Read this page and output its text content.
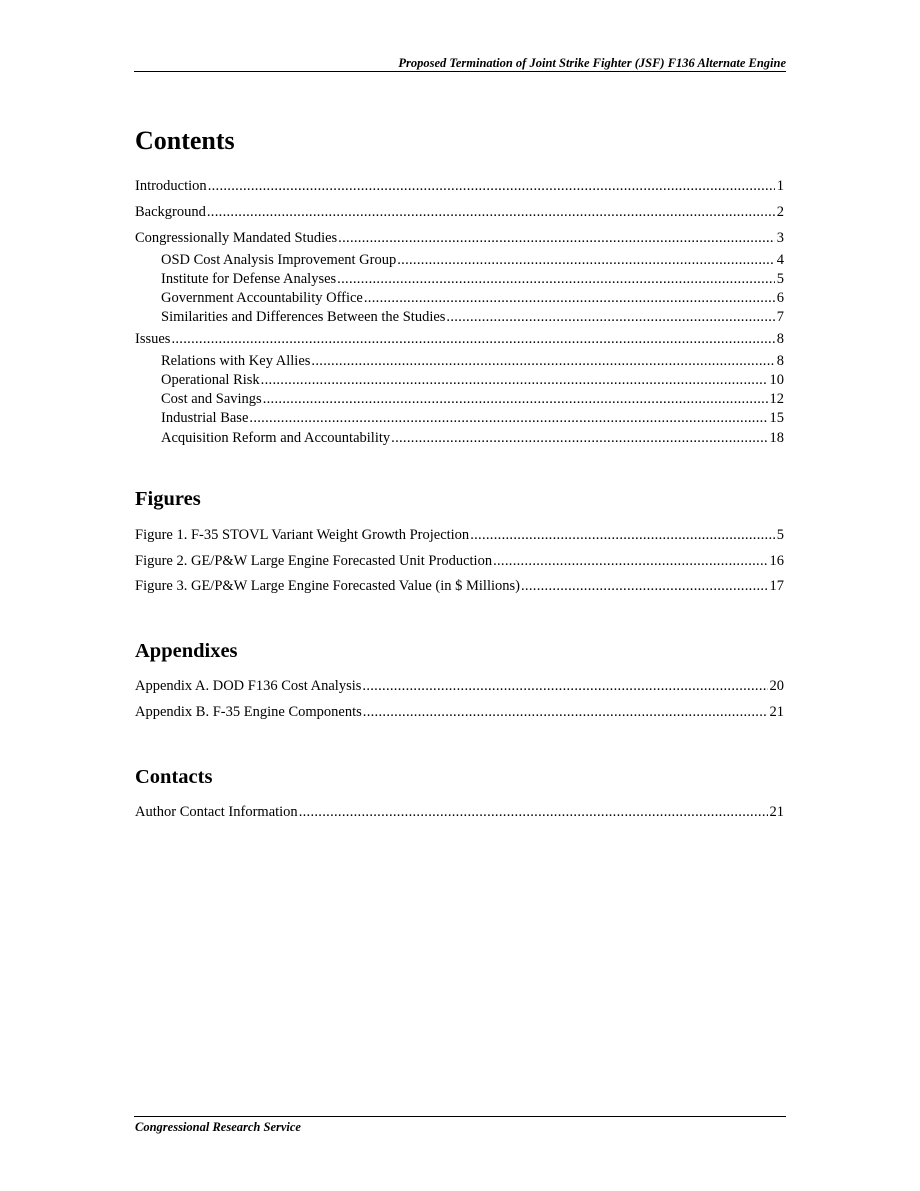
Proposed Termination of Joint Strike Fighter (JSF) F136 Alternate Engine
Contents
Introduction .....	1
Background .....	2
Congressionally Mandated Studies .....	3
OSD Cost Analysis Improvement Group .....	4
Institute for Defense Analyses .....	5
Government Accountability Office .....	6
Similarities and Differences Between the Studies .....	7
Issues .....	8
Relations with Key Allies .....	8
Operational Risk .....	10
Cost and Savings .....	12
Industrial Base .....	15
Acquisition Reform and Accountability .....	18
Figures
Figure 1. F-35 STOVL Variant Weight Growth Projection .....	5
Figure 2. GE/P&W Large Engine Forecasted Unit Production .....	16
Figure 3. GE/P&W Large Engine Forecasted Value (in $ Millions) .....	17
Appendixes
Appendix A. DOD F136 Cost Analysis .....	20
Appendix B. F-35 Engine Components .....	21
Contacts
Author Contact Information .....	21
Congressional Research Service
